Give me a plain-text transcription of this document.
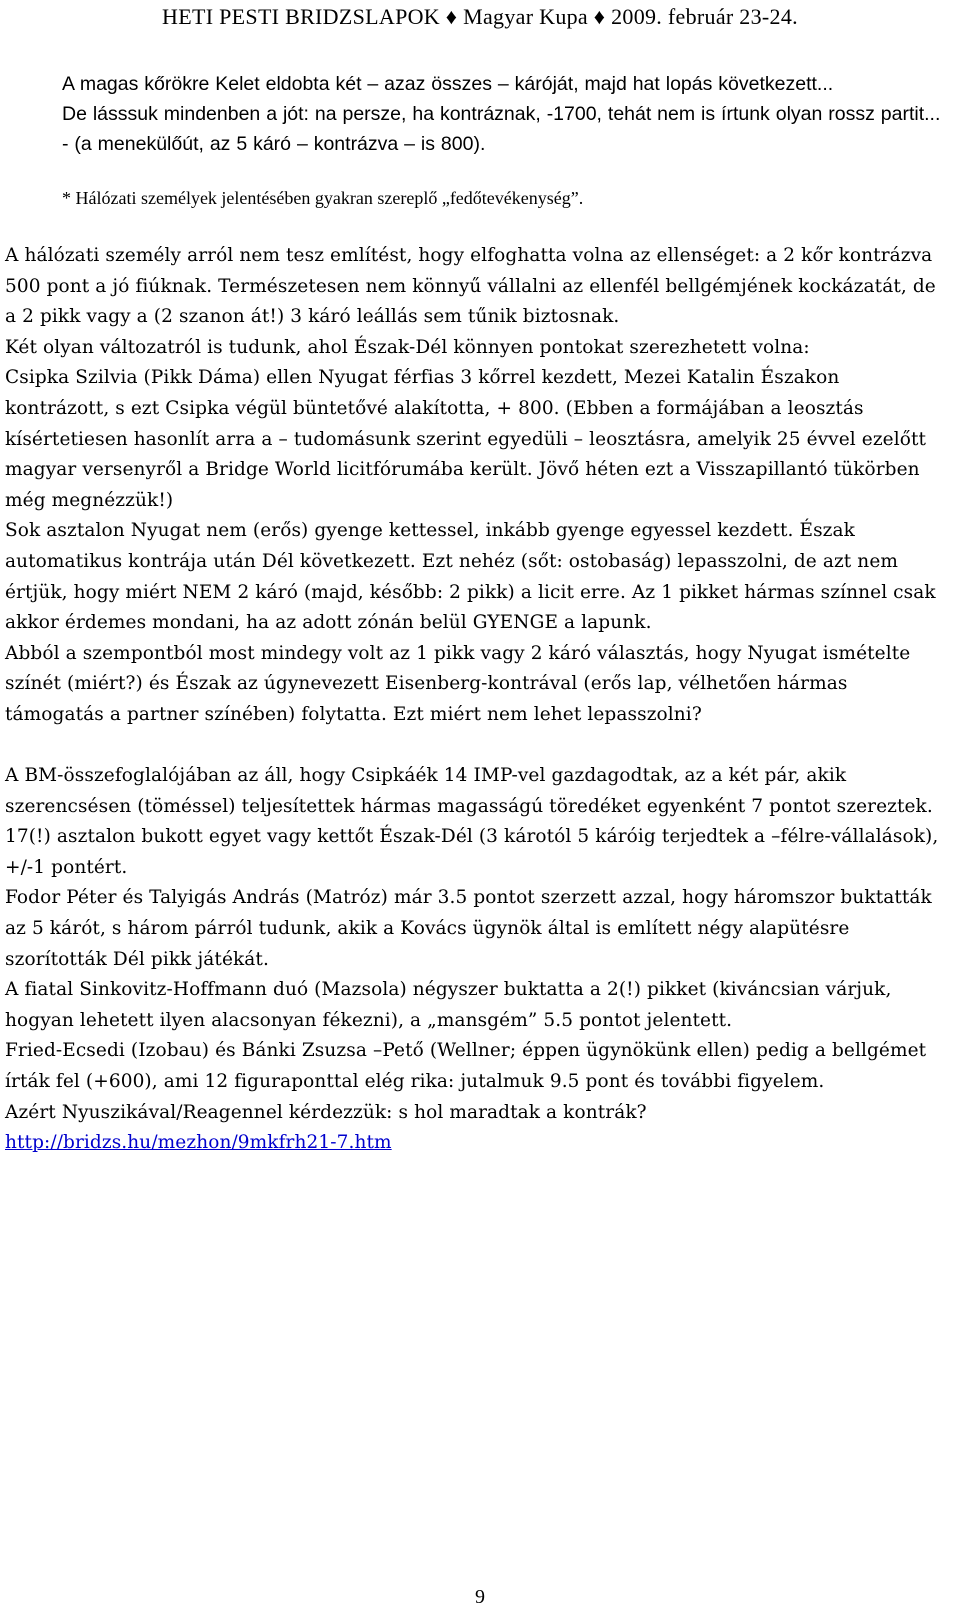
HETI PESTI BRIDZSLAPOK ♦ Magyar Kupa ♦ 2009. február 23-24.

A magas kőrökre Kelet eldobta két – azaz összes – káróját, majd hat lopás következett...

De lásssuk mindenben a jót: na persze, ha kontráznak, -1700, tehát nem is írtunk olyan rossz partit... - (a menekülőút, az 5 káró – kontrázva – is 800).

* Hálózati személyek jelentésében gyakran szereplő „fedőtevékenység”.

A hálózati személy arról nem tesz említést, hogy elfoghatta volna az ellenséget: a 2 kőr kontrázva 500 pont a jó fiúknak. Természetesen nem könnyű vállalni az ellenfél bellgémjének kockázatát, de a 2 pikk vagy a (2 szanon át!) 3 káró leállás sem tűnik biztosnak.

Két olyan változatról is tudunk, ahol Észak-Dél könnyen pontokat szerezhetett volna:

Csipka Szilvia (Pikk Dáma) ellen Nyugat férfias 3 kőrrel kezdett, Mezei Katalin Északon kontrázott, s ezt Csipka végül büntetővé alakította, + 800. (Ebben a formájában a leosztás kísértetiesen hasonlít arra a – tudomásunk szerint egyedüli – leosztásra, amelyik 25 évvel ezelőtt magyar versenyről a Bridge World licitfórumába került. Jövő héten ezt a Visszapillantó tükörben még megnézzük!)

Sok asztalon Nyugat nem (erős) gyenge kettessel, inkább gyenge egyessel kezdett. Észak automatikus kontrája után Dél következett. Ezt nehéz (sőt: ostobaság) lepasszolni, de azt nem értjük, hogy miért NEM 2 káró (majd, később: 2 pikk) a licit erre. Az 1 pikket hármas színnel csak akkor érdemes mondani, ha az adott zónán belül GYENGE a lapunk.

Abból a szempontból most mindegy volt az 1 pikk vagy 2 káró választás, hogy Nyugat ismételte színét (miért?) és Észak az úgynevezett Eisenberg-kontrával (erős lap, vélhetően hármas támogatás a partner színében) folytatta. Ezt miért nem lehet lepasszolni?

A BM-összefoglalójában az áll, hogy Csipkáék 14 IMP-vel gazdagodtak, az a két pár, akik szerencsésen (töméssel) teljesítettek hármas magasságú töredéket egyenként 7 pontot szereztek. 17(!) asztalon bukott egyet vagy kettőt Észak-Dél (3 károtól 5 káróig terjedtek a –félre-vállalások), +/-1 pontért.

Fodor Péter és Talyigás András (Matróz) már 3.5 pontot szerzett azzal, hogy háromszor buktatták az 5 kárót, s három párról tudunk, akik a Kovács ügynök által is említett négy alapütésre szorították Dél pikk játékát.

A fiatal Sinkovitz-Hoffmann duó (Mazsola) négyszer buktatta a 2(!) pikket (kiváncsian várjuk, hogyan lehetett ilyen alacsonyan fékezni), a „mansgém” 5.5 pontot jelentett.

Fried-Ecsedi (Izobau) és Bánki Zsuzsa –Pető (Wellner; éppen ügynökünk ellen) pedig a bellgémet írták fel (+600), ami 12 figuraponttal elég rika: jutalmuk 9.5 pont és további figyelem.

Azért Nyuszikával/Reagennel kérdezzük: s hol maradtak a kontrák?

http://bridzs.hu/mezhon/9mkfrh21-7.htm

9
